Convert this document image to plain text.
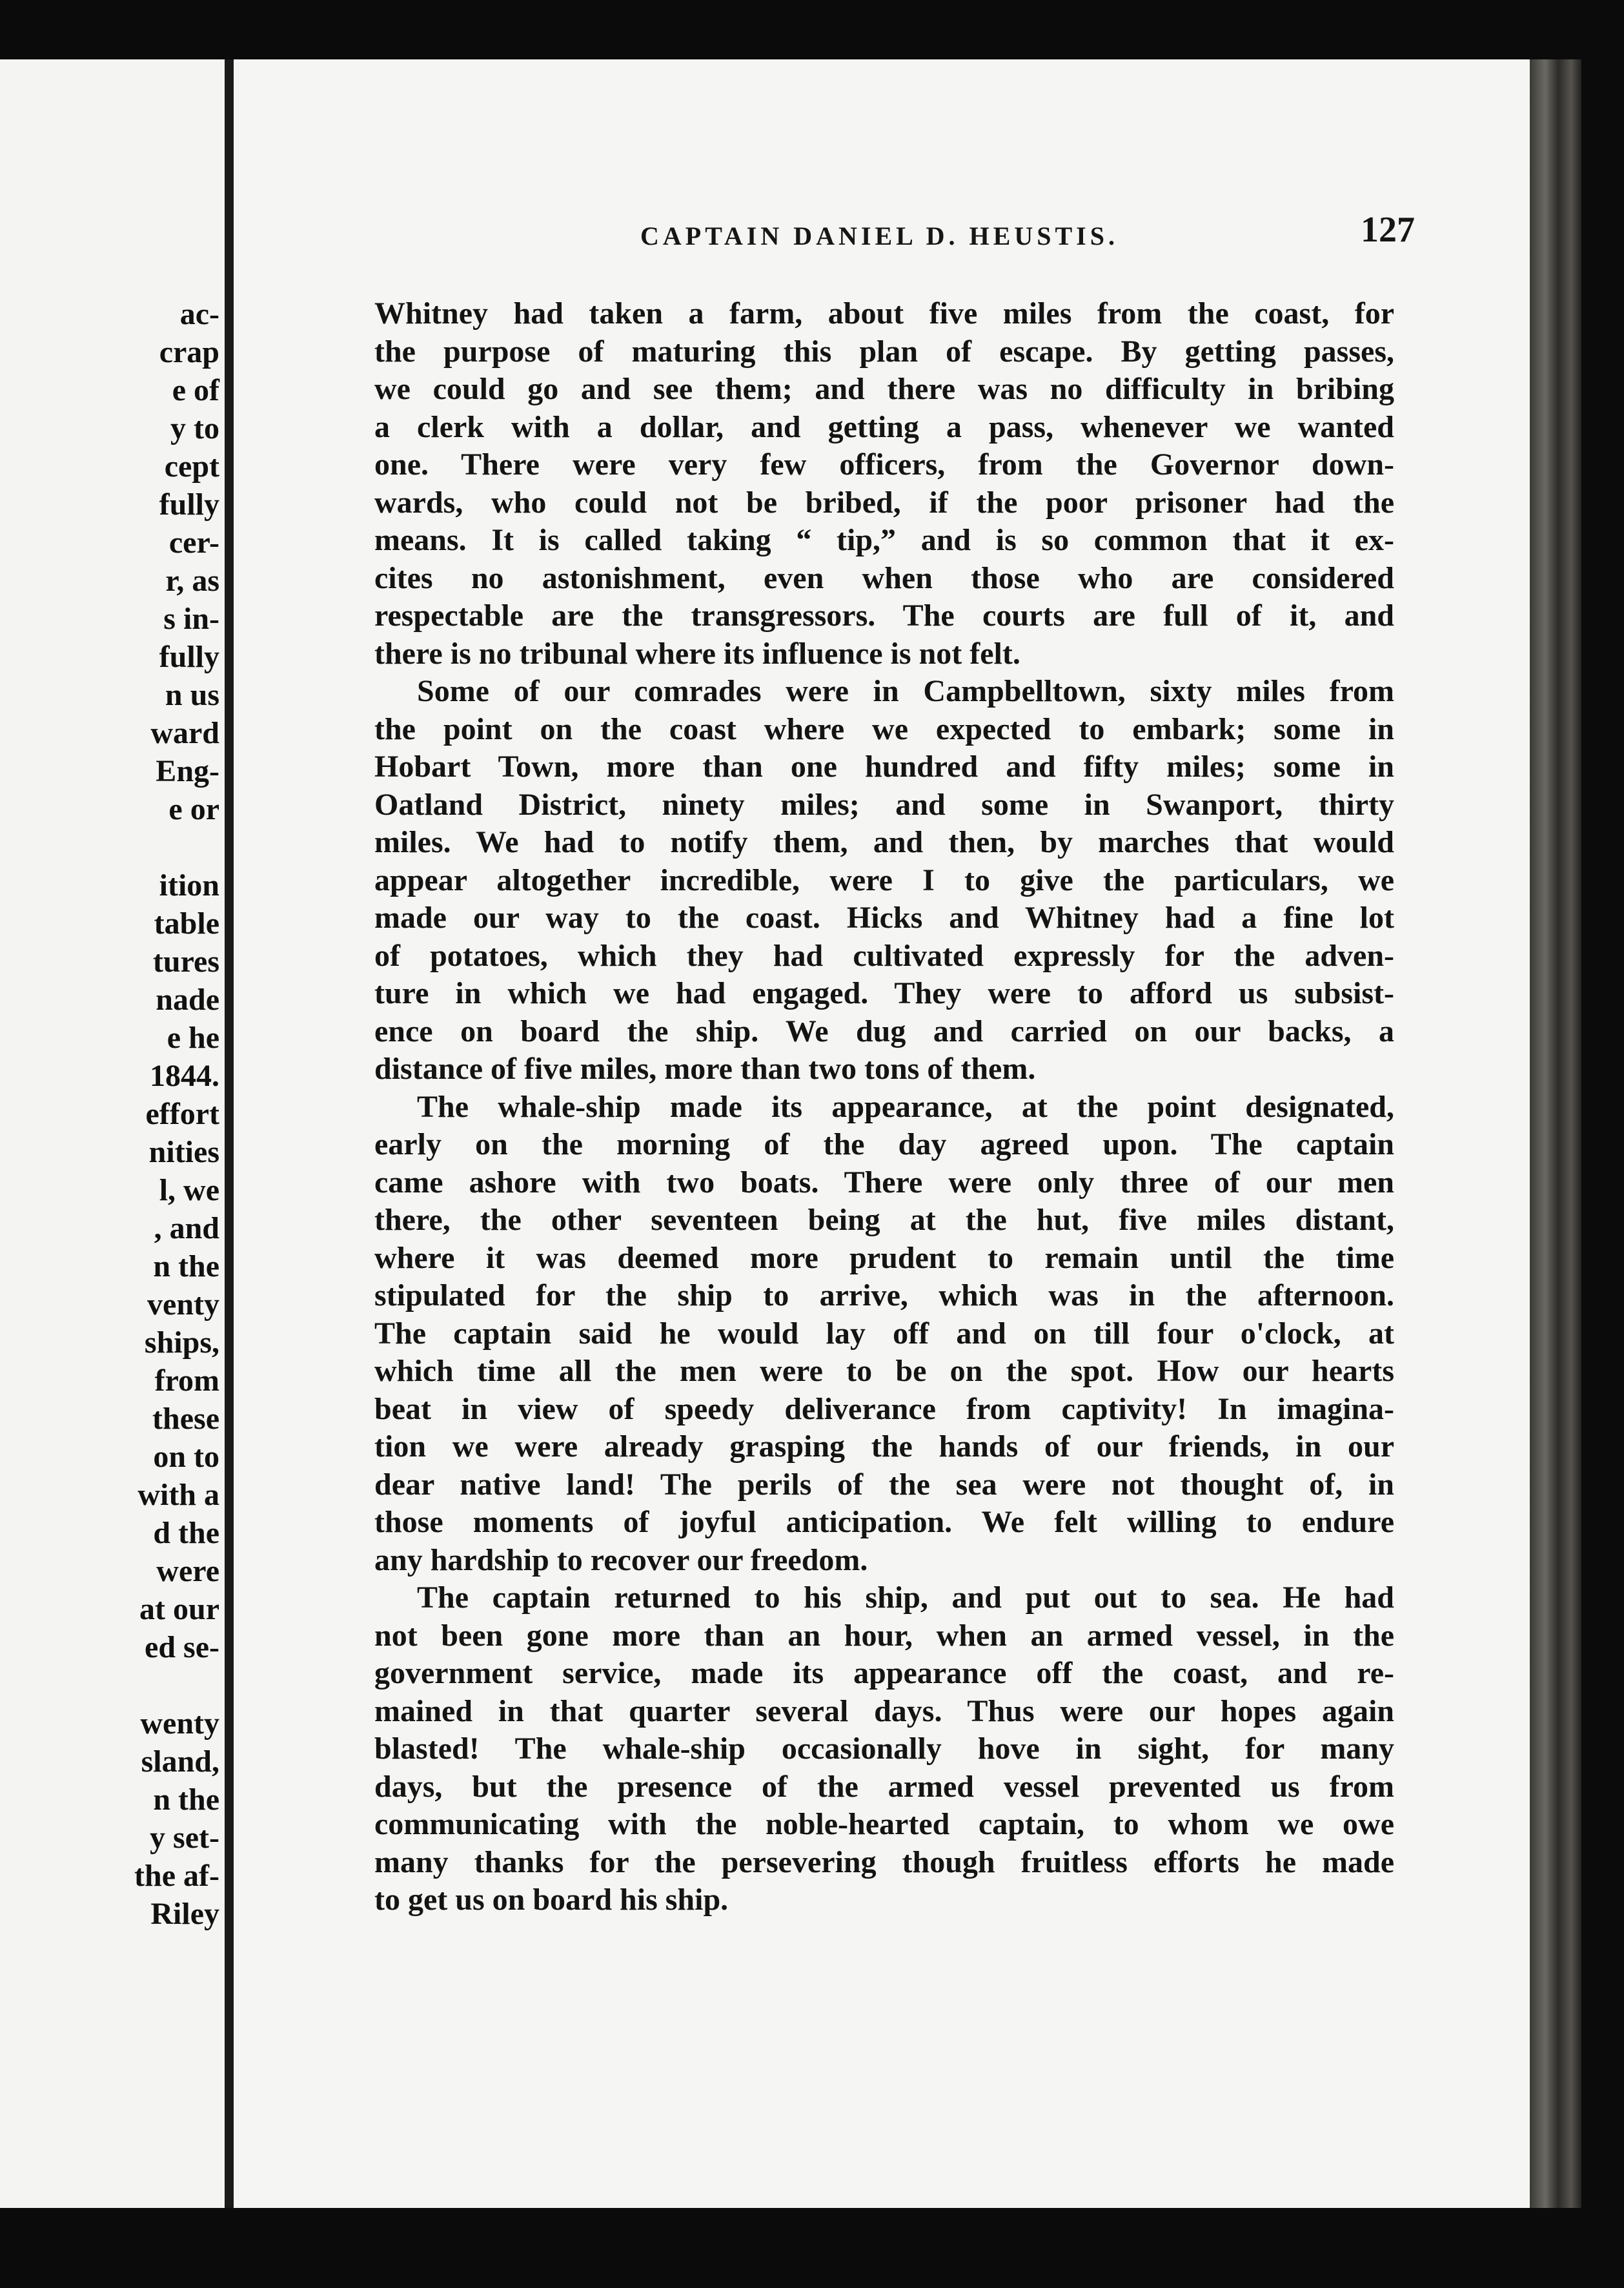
ac-
crap
e of
y to
cept
fully
cer-
r, as
s in-
fully
n us
ward
Eng-
e or
ition
table
tures
nade
e he
1844.
effort
nities
l, we
, and
n the
venty
ships,
from
these
on to
with a
d the
were
at our
ed se-
wenty
sland,
n the
y set-
the af-
Riley
CAPTAIN DANIEL D. HEUSTIS.	127
Whitney had taken a farm, about five miles from the coast, for
the purpose of maturing this plan of escape. By getting passes,
we could go and see them; and there was no difficulty in bribing
a clerk with a dollar, and getting a pass, whenever we wanted
one. There were very few officers, from the Governor down-
wards, who could not be bribed, if the poor prisoner had the
means. It is called taking “ tip,” and is so common that it ex-
cites no astonishment, even when those who are considered
respectable are the transgressors. The courts are full of it, and
there is no tribunal where its influence is not felt.
Some of our comrades were in Campbelltown, sixty miles from
the point on the coast where we expected to embark; some in
Hobart Town, more than one hundred and fifty miles; some in
Oatland District, ninety miles; and some in Swanport, thirty
miles. We had to notify them, and then, by marches that would
appear altogether incredible, were I to give the particulars, we
made our way to the coast. Hicks and Whitney had a fine lot
of potatoes, which they had cultivated expressly for the adven-
ture in which we had engaged. They were to afford us subsist-
ence on board the ship. We dug and carried on our backs, a
distance of five miles, more than two tons of them.
The whale-ship made its appearance, at the point designated,
early on the morning of the day agreed upon. The captain
came ashore with two boats. There were only three of our men
there, the other seventeen being at the hut, five miles distant,
where it was deemed more prudent to remain until the time
stipulated for the ship to arrive, which was in the afternoon.
The captain said he would lay off and on till four o'clock, at
which time all the men were to be on the spot. How our hearts
beat in view of speedy deliverance from captivity! In imagina-
tion we were already grasping the hands of our friends, in our
dear native land! The perils of the sea were not thought of, in
those moments of joyful anticipation. We felt willing to endure
any hardship to recover our freedom.
The captain returned to his ship, and put out to sea. He had
not been gone more than an hour, when an armed vessel, in the
government service, made its appearance off the coast, and re-
mained in that quarter several days. Thus were our hopes again
blasted! The whale-ship occasionally hove in sight, for many
days, but the presence of the armed vessel prevented us from
communicating with the noble-hearted captain, to whom we owe
many thanks for the persevering though fruitless efforts he made
to get us on board his ship.
